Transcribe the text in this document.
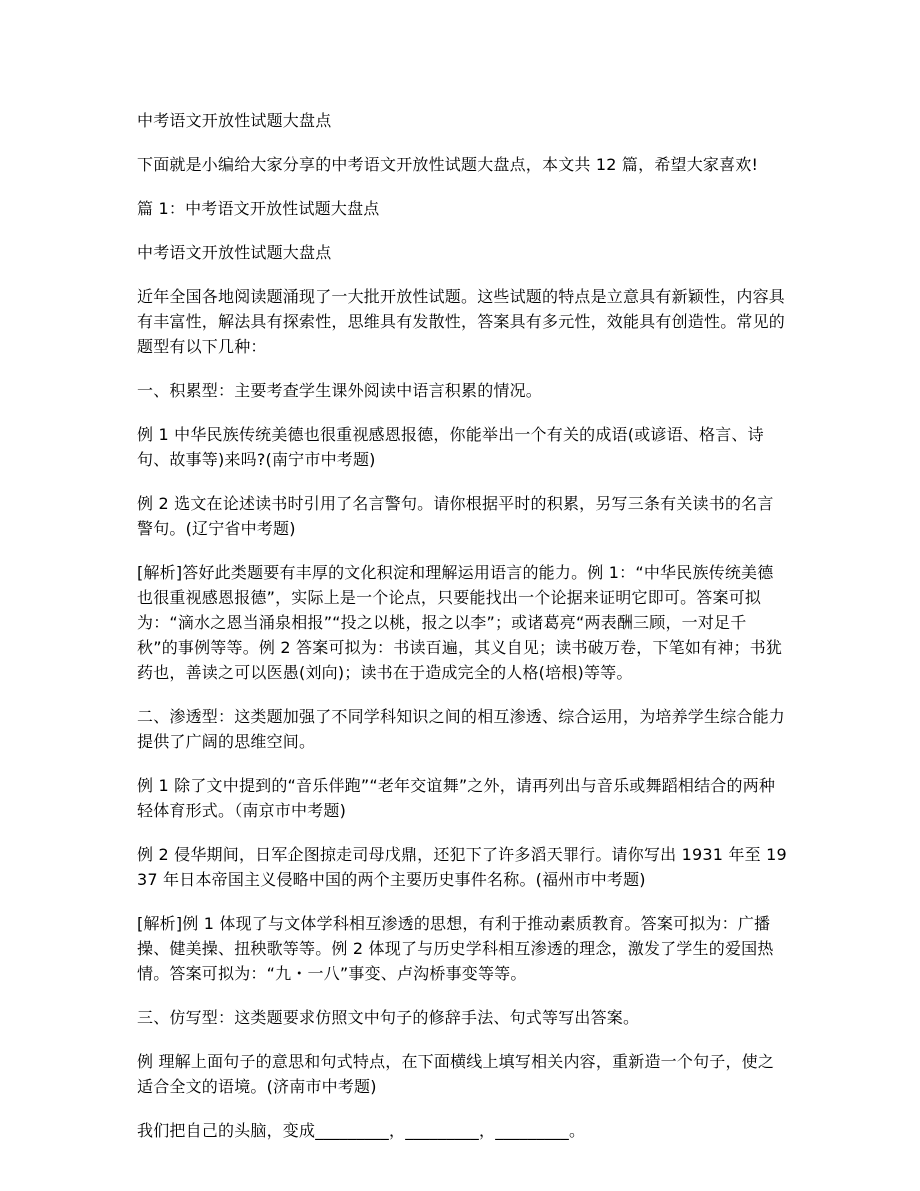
中考语文开放性试题大盘点

下面就是小编给大家分享的中考语文开放性试题大盘点，本文共 12 篇，希望大家喜欢!

篇 1：中考语文开放性试题大盘点

中考语文开放性试题大盘点

近年全国各地阅读题涌现了一大批开放性试题。这些试题的特点是立意具有新颖性，内容具有丰富性，解法具有探索性，思维具有发散性，答案具有多元性，效能具有创造性。常见的题型有以下几种：

一、积累型：主要考查学生课外阅读中语言积累的情况。

例 1 中华民族传统美德也很重视感恩报德，你能举出一个有关的成语(或谚语、格言、诗句、故事等)来吗?(南宁市中考题)

例 2 选文在论述读书时引用了名言警句。请你根据平时的积累，另写三条有关读书的名言警句。(辽宁省中考题)

[解析]答好此类题要有丰厚的文化积淀和理解运用语言的能力。例 1：“中华民族传统美德也很重视感恩报德”，实际上是一个论点，只要能找出一个论据来证明它即可。答案可拟为：“滴水之恩当涌泉相报”“投之以桃，报之以李”；或诸葛亮“两表酬三顾，一对足千秋”的事例等等。例 2 答案可拟为：书读百遍，其义自见；读书破万卷，下笔如有神；书犹药也，善读之可以医愚(刘向)；读书在于造成完全的人格(培根)等等。

二、渗透型：这类题加强了不同学科知识之间的相互渗透、综合运用，为培养学生综合能力提供了广阔的思维空间。

例 1 除了文中提到的“音乐伴跑”“老年交谊舞”之外，请再列出与音乐或舞蹈相结合的两种轻体育形式。（南京市中考题)

例 2 侵华期间，日军企图掠走司母戊鼎，还犯下了许多滔天罪行。请你写出 1931 年至 1937 年日本帝国主义侵略中国的两个主要历史事件名称。(福州市中考题)

[解析]例 1 体现了与文体学科相互渗透的思想，有利于推动素质教育。答案可拟为：广播操、健美操、扭秧歌等等。例 2 体现了与历史学科相互渗透的理念，激发了学生的爱国热情。答案可拟为：“九・一八”事变、卢沟桥事变等等。

三、仿写型：这类题要求仿照文中句子的修辞手法、句式等写出答案。

例 理解上面句子的意思和句式特点，在下面横线上填写相关内容，重新造一个句子，使之适合全文的语境。(济南市中考题)

我们把自己的头脑，变成_________，_________，_________。
